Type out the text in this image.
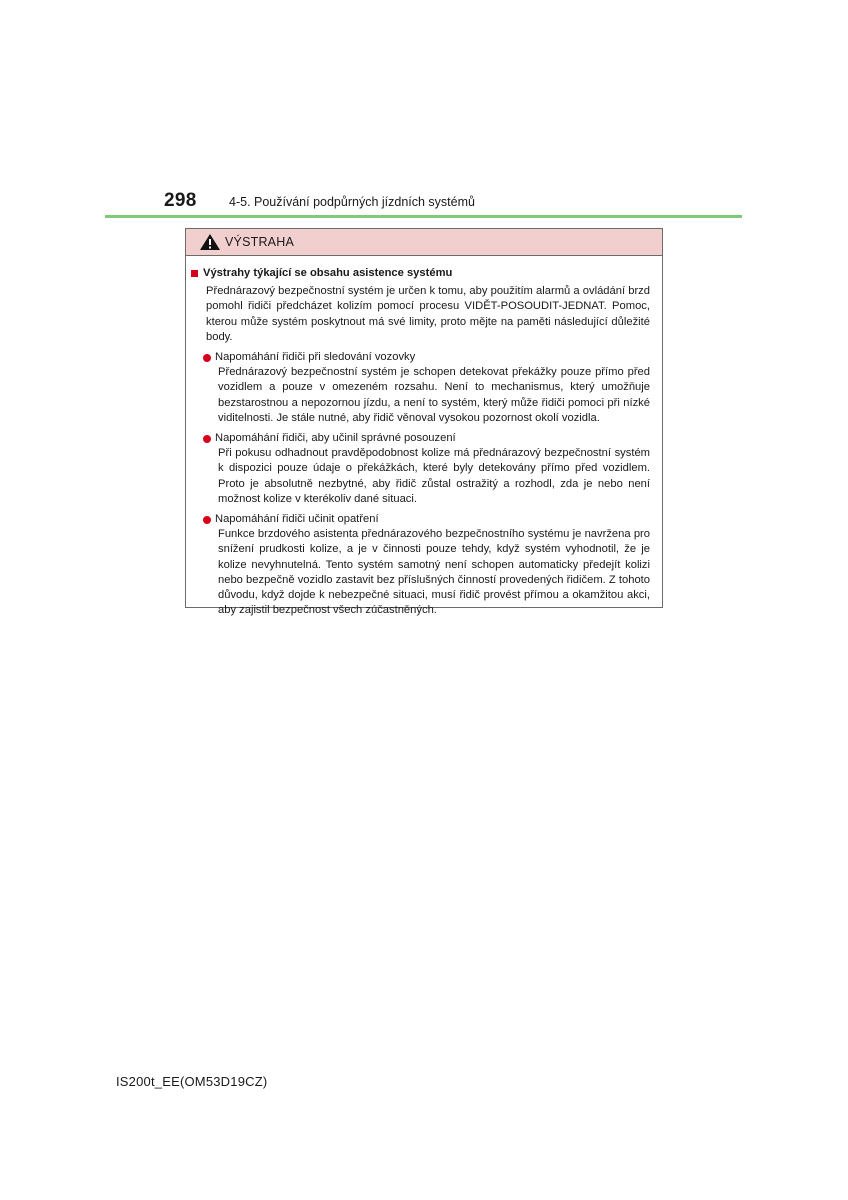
298	4-5. Používání podpůrných jízdních systémů
VÝSTRAHA
Výstrahy týkající se obsahu asistence systému
Přednárazový bezpečnostní systém je určen k tomu, aby použitím alarmů a ovládání brzd pomohl řidiči předcházet kolizím pomocí procesu VIDĚT-POSOUDIT-JEDNAT. Pomoc, kterou může systém poskytnout má své limity, proto mějte na paměti následující důležité body.
Napomáhání řidiči při sledování vozovky
Přednárazový bezpečnostní systém je schopen detekovat překážky pouze přímo před vozidlem a pouze v omezeném rozsahu. Není to mechanismus, který umožňuje bezstarostnou a nepozornou jízdu, a není to systém, který může řidiči pomoci při nízké viditelnosti. Je stále nutné, aby řidič věnoval vysokou pozornost okolí vozidla.
Napomáhání řidiči, aby učinil správné posouzení
Při pokusu odhadnout pravděpodobnost kolize má přednárazový bezpečnostní systém k dispozici pouze údaje o překážkách, které byly detekovány přímo před vozidlem. Proto je absolutně nezbytné, aby řidič zůstal ostražitý a rozhodl, zda je nebo není možnost kolize v kterékoliv dané situaci.
Napomáhání řidiči učinit opatření
Funkce brzdového asistenta přednárazového bezpečnostního systému je navržena pro snížení prudkosti kolize, a je v činnosti pouze tehdy, když systém vyhodnotil, že je kolize nevyhnutelná. Tento systém samotný není schopen automaticky předejít kolizi nebo bezpečně vozidlo zastavit bez příslušných činností provedených řidičem. Z tohoto důvodu, když dojde k nebezpečné situaci, musí řidič provést přímou a okamžitou akci, aby zajistil bezpečnost všech zúčastněných.
IS200t_EE(OM53D19CZ)
